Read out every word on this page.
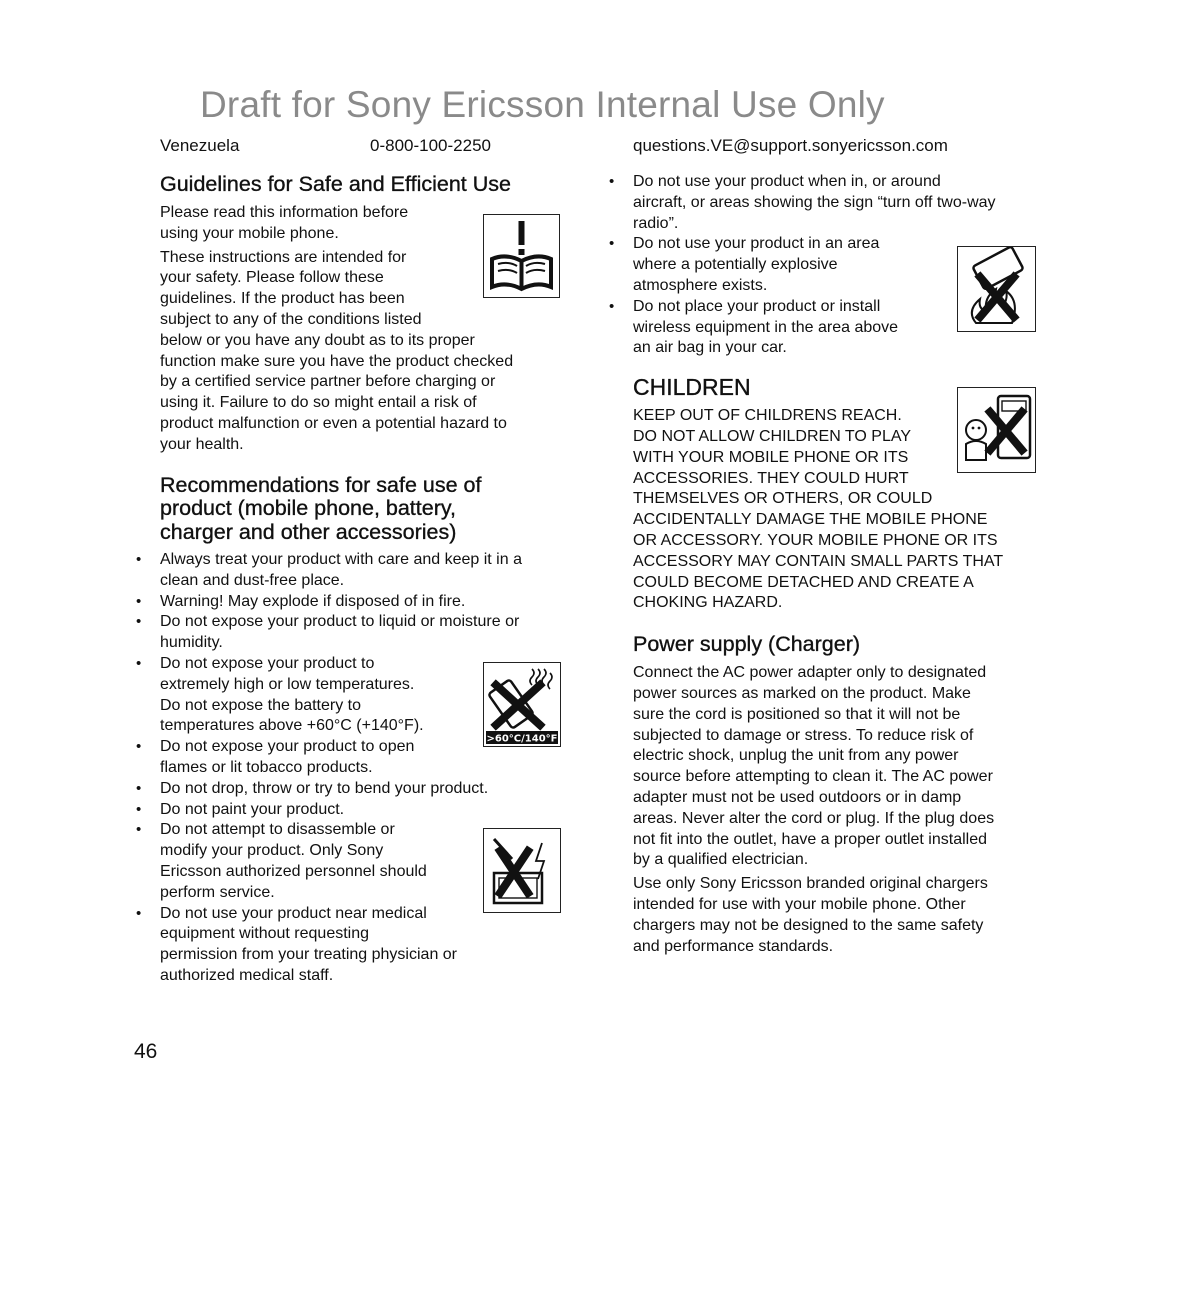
Draft for Sony Ericsson Internal Use Only
Venezuela	0-800-100-2250	questions.VE@support.sonyericsson.com
Guidelines for Safe and Efficient Use
Please read this information before
using your mobile phone.
These instructions are intended for
your safety. Please follow these
guidelines. If the product has been
subject to any of the conditions listed
below or you have any doubt as to its proper
function make sure you have the product checked
by a certified service partner before charging or
using it. Failure to do so might entail a risk of
product malfunction or even a potential hazard to
your health.
Recommendations for safe use of
product (mobile phone, battery,
charger and other accessories)
• Always treat your product with care and keep it in a
clean and dust-free place.
• Warning! May explode if disposed of in fire.
• Do not expose your product to liquid or moisture or
humidity.
• Do not expose your product to
extremely high or low temperatures.
Do not expose the battery to
temperatures above +60°C (+140°F).
• Do not expose your product to open
flames or lit tobacco products.
• Do not drop, throw or try to bend your product.
• Do not paint your product.
• Do not attempt to disassemble or
modify your product. Only Sony
Ericsson authorized personnel should
perform service.
• Do not use your product near medical
equipment without requesting
permission from your treating physician or
authorized medical staff.
• Do not use your product when in, or around
aircraft, or areas showing the sign “turn off two-way
radio”.
• Do not use your product in an area
where a potentially explosive
atmosphere exists.
• Do not place your product or install
wireless equipment in the area above
an air bag in your car.
CHILDREN
KEEP OUT OF CHILDRENS REACH.
DO NOT ALLOW CHILDREN TO PLAY
WITH YOUR MOBILE PHONE OR ITS
ACCESSORIES. THEY COULD HURT
THEMSELVES OR OTHERS, OR COULD
ACCIDENTALLY DAMAGE THE MOBILE PHONE
OR ACCESSORY. YOUR MOBILE PHONE OR ITS
ACCESSORY MAY CONTAIN SMALL PARTS THAT
COULD BECOME DETACHED AND CREATE A
CHOKING HAZARD.
Power supply (Charger)
Connect the AC power adapter only to designated
power sources as marked on the product. Make
sure the cord is positioned so that it will not be
subjected to damage or stress. To reduce risk of
electric shock, unplug the unit from any power
source before attempting to clean it. The AC power
adapter must not be used outdoors or in damp
areas. Never alter the cord or plug. If the plug does
not fit into the outlet, have a proper outlet installed
by a qualified electrician.
Use only Sony Ericsson branded original chargers
intended for use with your mobile phone. Other
chargers may not be designed to the same safety
and performance standards.
>60°C/140°F
46
